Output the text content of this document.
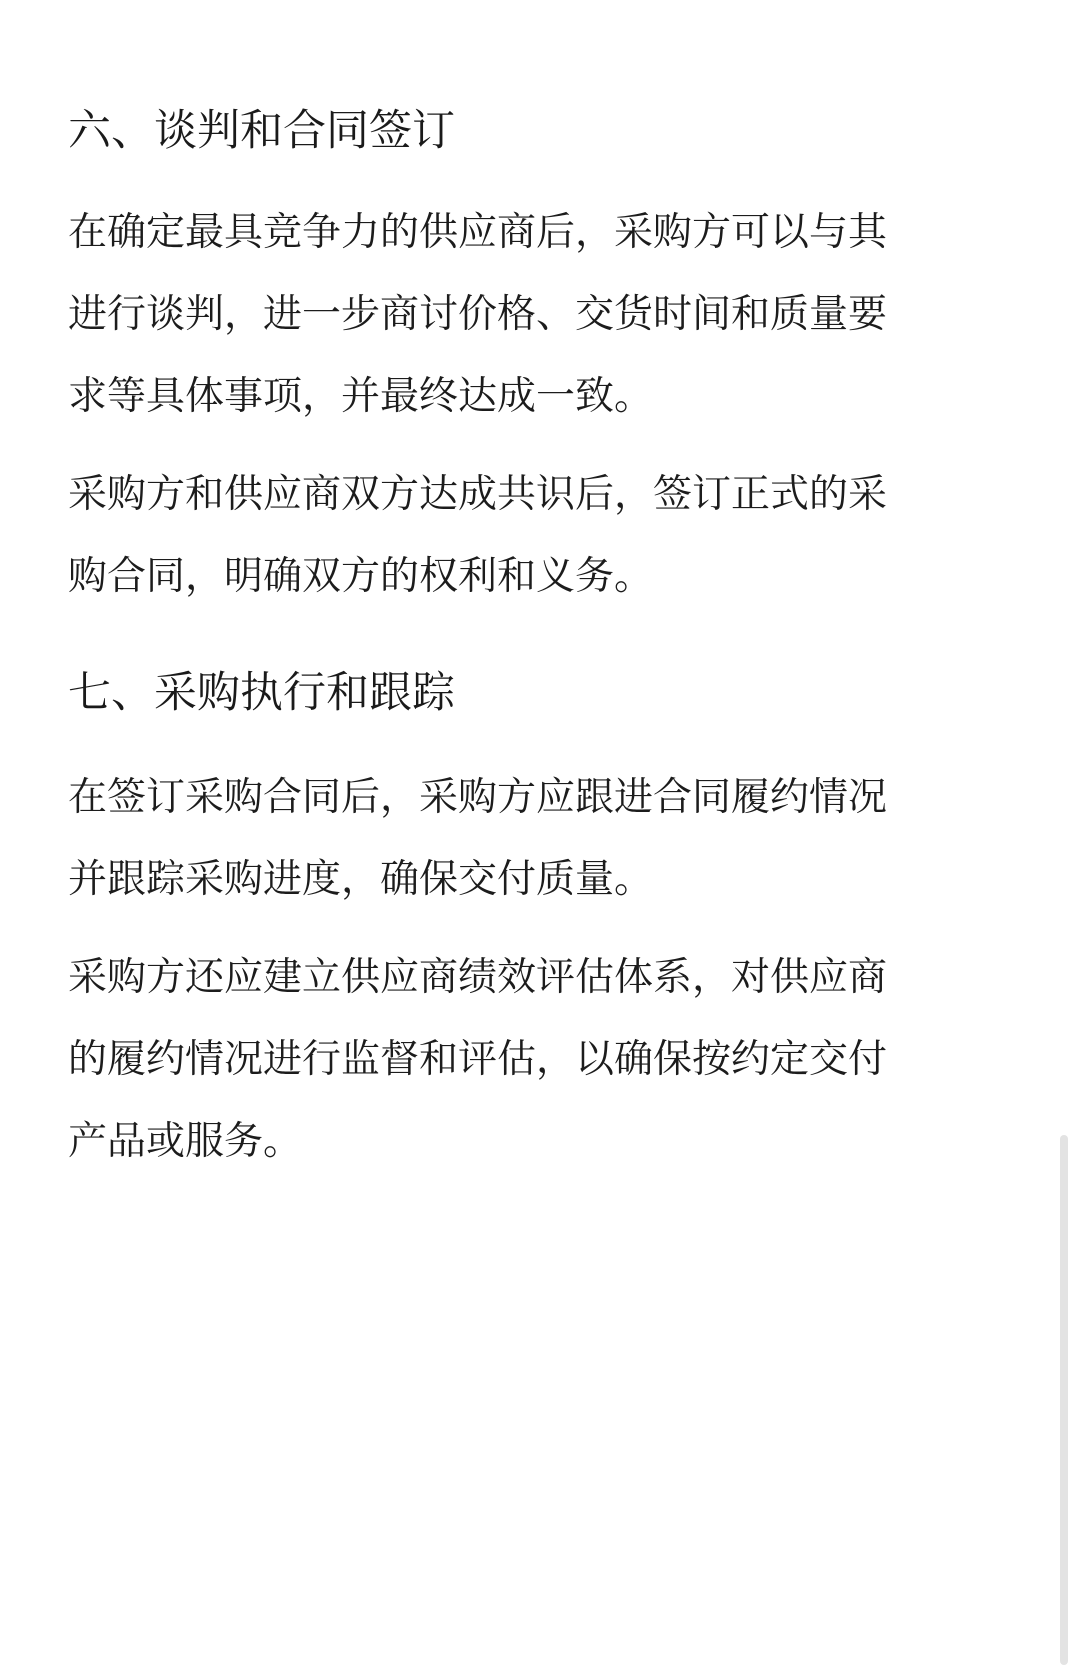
六、谈判和合同签订

在确定最具竞争力的供应商后，采购方可以与其
进行谈判，进一步商讨价格、交货时间和质量要
求等具体事项，并最终达成一致。

采购方和供应商双方达成共识后，签订正式的采
购合同，明确双方的权利和义务。

七、采购执行和跟踪

在签订采购合同后，采购方应跟进合同履约情况
并跟踪采购进度，确保交付质量。

采购方还应建立供应商绩效评估体系，对供应商
的履约情况进行监督和评估，以确保按约定交付
产品或服务。
